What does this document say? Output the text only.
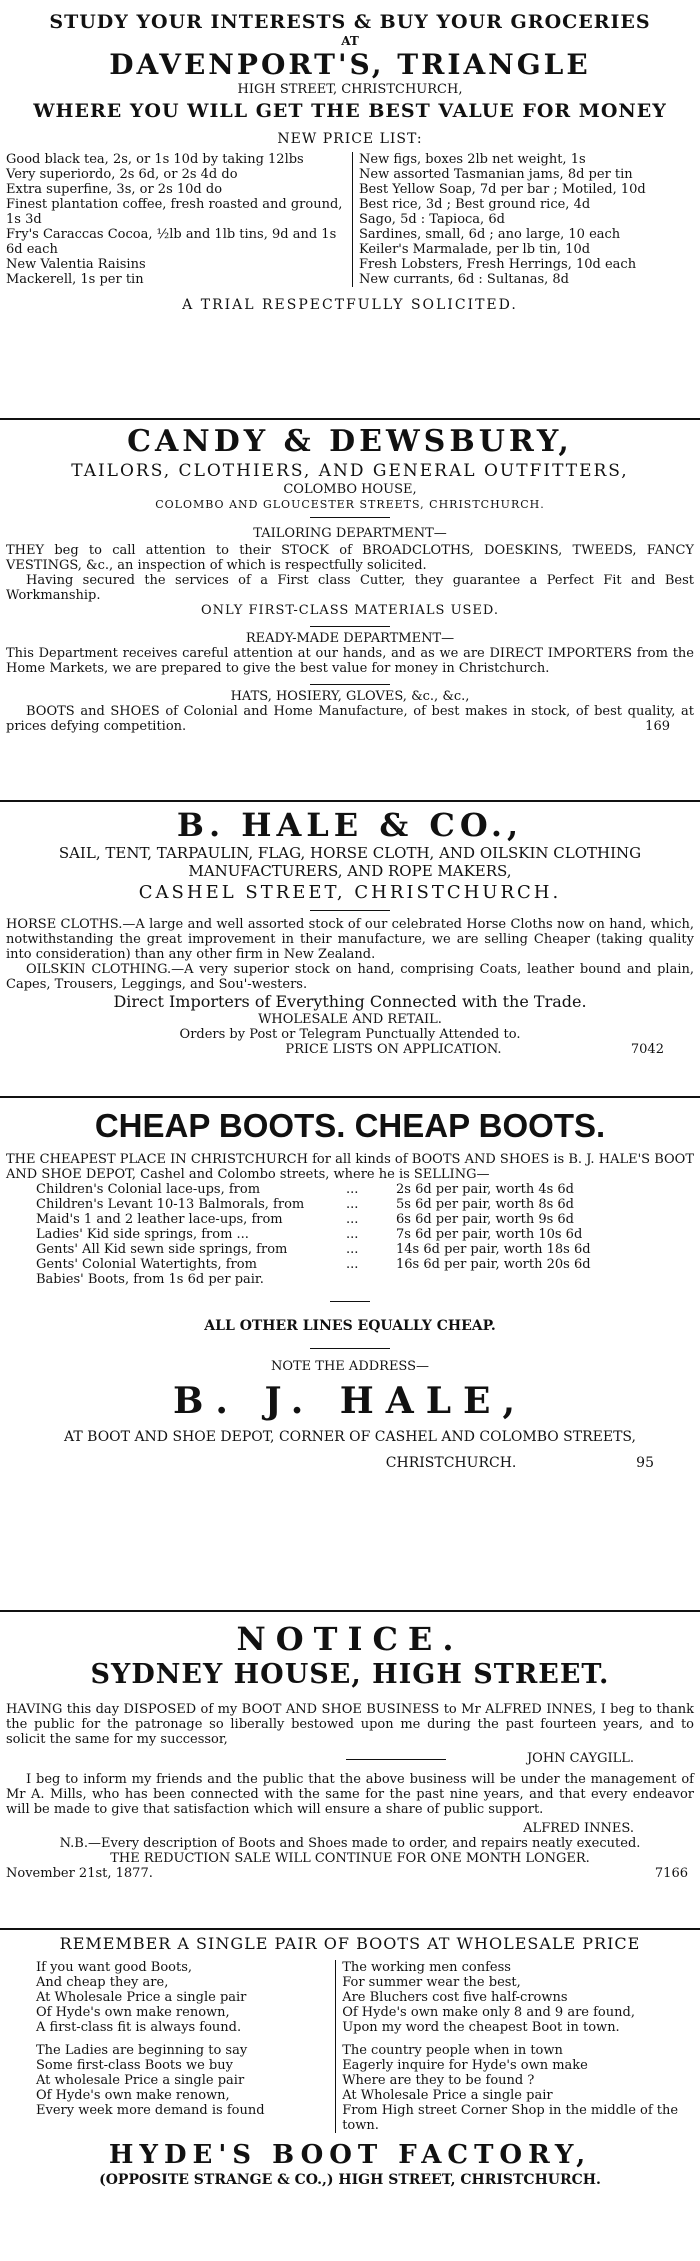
STUDY YOUR INTERESTS & BUY YOUR GROCERIES
AT
DAVENPORT'S, TRIANGLE
HIGH STREET, CHRISTCHURCH,
WHERE YOU WILL GET THE BEST VALUE FOR MONEY
NEW PRICE LIST:
Good black tea, 2s, or 1s 10d by taking 12lbs
Very superiordo, 2s 6d, or 2s 4d do
Extra superfine, 3s, or 2s 10d do
Finest plantation coffee, fresh roasted and ground, 1s 3d
Fry's Caraccas Cocoa, ½lb and 1lb tins, 9d and 1s 6d each
New Valentia Raisins
Mackerell, 1s per tin
New figs, boxes 2lb net weight, 1s
New assorted Tasmanian jams, 8d per tin
Best Yellow Soap, 7d per bar ; Motiled, 10d
Best rice, 3d ; Best ground rice, 4d
Sago, 5d : Tapioca, 6d
Sardines, small, 6d ; ano large, 10 each
Keiler's Marmalade, per lb tin, 10d
Fresh Lobsters, Fresh Herrings, 10d each
New currants, 6d : Sultanas, 8d
A TRIAL RESPECTFULLY SOLICITED.
CANDY & DEWSBURY,
TAILORS, CLOTHIERS, AND GENERAL OUTFITTERS,
COLOMBO HOUSE,
COLOMBO AND GLOUCESTER STREETS, CHRISTCHURCH.
TAILORING DEPARTMENT—
THEY beg to call attention to their STOCK of BROADCLOTHS, DOESKINS, TWEEDS, FANCY VESTINGS, &c., an inspection of which is respectfully solicited.
Having secured the services of a First class Cutter, they guarantee a Perfect Fit and Best Workmanship.
ONLY FIRST-CLASS MATERIALS USED.
READY-MADE DEPARTMENT—
This Department receives careful attention at our hands, and as we are DIRECT IMPORTERS from the Home Markets, we are prepared to give the best value for money in Christchurch.
HATS, HOSIERY, GLOVES, &c., &c.,
BOOTS and SHOES of Colonial and Home Manufacture, of best makes in stock, of best quality, at prices defying competition.	169
B. HALE & CO.,
SAIL, TENT, TARPAULIN, FLAG, HORSE CLOTH, AND OILSKIN CLOTHING MANUFACTURERS, AND ROPE MAKERS,
CASHEL STREET, CHRISTCHURCH.
HORSE CLOTHS.—A large and well assorted stock of our celebrated Horse Cloths now on hand, which, notwithstanding the great improvement in their manufacture, we are selling Cheaper (taking quality into consideration) than any other firm in New Zealand.
OILSKIN CLOTHING.—A very superior stock on hand, comprising Coats, leather bound and plain, Capes, Trousers, Leggings, and Sou'-westers.
Direct Importers of Everything Connected with the Trade.
WHOLESALE AND RETAIL.
Orders by Post or Telegram Punctually Attended to.
PRICE LISTS ON APPLICATION.	7042
CHEAP BOOTS. CHEAP BOOTS.
THE CHEAPEST PLACE IN CHRISTCHURCH for all kinds of BOOTS AND SHOES is B. J. HALE'S BOOT AND SHOE DEPOT, Cashel and Colombo streets, where he is SELLING—
Children's Colonial lace-ups, from	...	2s 6d per pair, worth 4s 6d
Children's Levant 10-13 Balmorals, from	...	5s 6d per pair, worth 8s 6d
Maid's 1 and 2 leather lace-ups, from	...	6s 6d per pair, worth 9s 6d
Ladies' Kid side springs, from ...	...	7s 6d per pair, worth 10s 6d
Gents' All Kid sewn side springs, from	...	14s 6d per pair, worth 18s 6d
Gents' Colonial Watertights, from	...	16s 6d per pair, worth 20s 6d
Babies' Boots, from 1s 6d per pair.
ALL OTHER LINES EQUALLY CHEAP.
NOTE THE ADDRESS—
B. J. HALE,
AT BOOT AND SHOE DEPOT, CORNER OF CASHEL AND COLOMBO STREETS,
CHRISTCHURCH.	95
NOTICE.
SYDNEY HOUSE, HIGH STREET.
HAVING this day DISPOSED of my BOOT AND SHOE BUSINESS to Mr ALFRED INNES, I beg to thank the public for the patronage so liberally bestowed upon me during the past fourteen years, and to solicit the same for my successor,
JOHN CAYGILL.
I beg to inform my friends and the public that the above business will be under the management of Mr A. Mills, who has been connected with the same for the past nine years, and that every endeavor will be made to give that satisfaction which will ensure a share of public support.
ALFRED INNES.
N.B.—Every description of Boots and Shoes made to order, and repairs neatly executed.
THE REDUCTION SALE WILL CONTINUE FOR ONE MONTH LONGER.
November 21st, 1877.	7166
REMEMBER A SINGLE PAIR OF BOOTS AT WHOLESALE PRICE
If you want good Boots,
And cheap they are,
At Wholesale Price a single pair
Of Hyde's own make renown,
A first-class fit is always found.
The Ladies are beginning to say
Some first-class Boots we buy
At wholesale Price a single pair
Of Hyde's own make renown,
Every week more demand is found
The working men confess
For summer wear the best,
Are Bluchers cost five half-crowns
Of Hyde's own make only 8 and 9 are found,
Upon my word the cheapest Boot in town.
The country people when in town
Eagerly inquire for Hyde's own make
Where are they to be found ?
At Wholesale Price a single pair
From High street Corner Shop in the middle of the town.
HYDE'S BOOT FACTORY,
(OPPOSITE STRANGE & CO.,) HIGH STREET, CHRISTCHURCH.
